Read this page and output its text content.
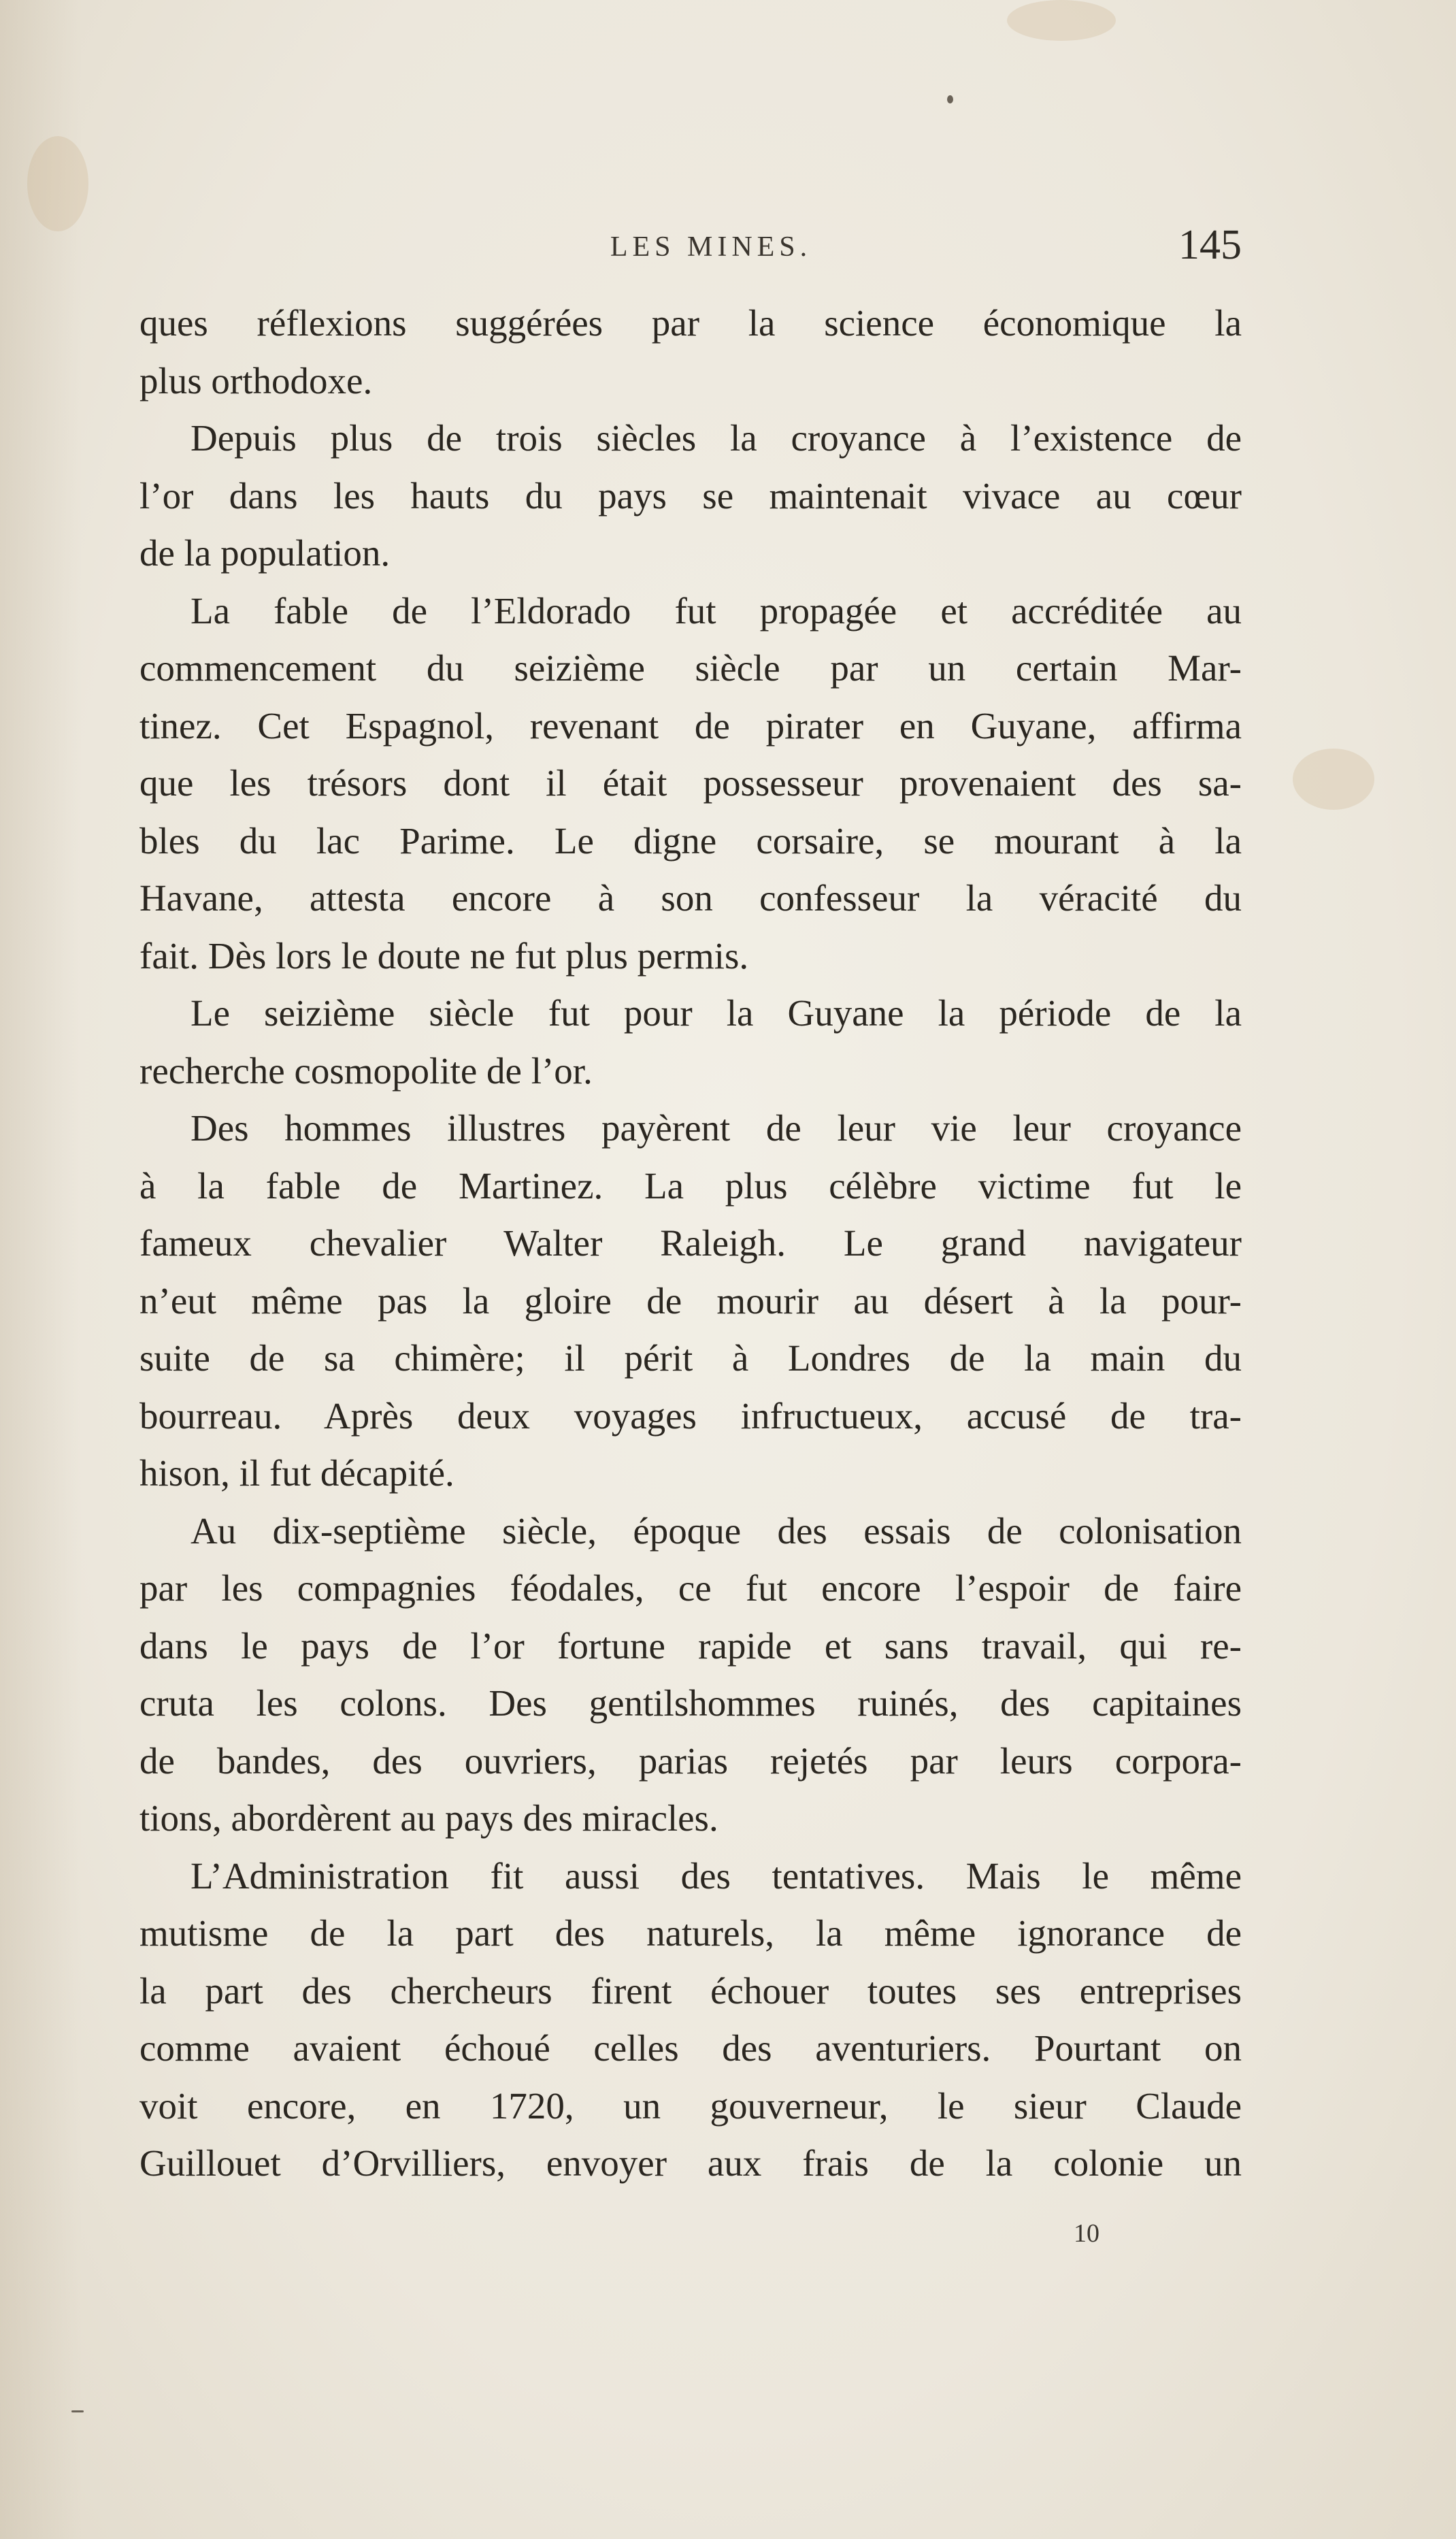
LES MINES.	145
ques réflexions suggérées par la science économique la
plus orthodoxe.
Depuis plus de trois siècles la croyance à l’existence de
l’or dans les hauts du pays se maintenait vivace au cœur
de la population.
La fable de l’Eldorado fut propagée et accréditée au
commencement du seizième siècle par un certain Mar-
tinez. Cet Espagnol, revenant de pirater en Guyane, affirma
que les trésors dont il était possesseur provenaient des sa-
bles du lac Parime. Le digne corsaire, se mourant à la
Havane, attesta encore à son confesseur la véracité du
fait. Dès lors le doute ne fut plus permis.
Le seizième siècle fut pour la Guyane la période de la
recherche cosmopolite de l’or.
Des hommes illustres payèrent de leur vie leur croyance
à la fable de Martinez. La plus célèbre victime fut le
fameux chevalier Walter Raleigh. Le grand navigateur
n’eut même pas la gloire de mourir au désert à la pour-
suite de sa chimère; il périt à Londres de la main du
bourreau. Après deux voyages infructueux, accusé de tra-
hison, il fut décapité.
Au dix-septième siècle, époque des essais de colonisation
par les compagnies féodales, ce fut encore l’espoir de faire
dans le pays de l’or fortune rapide et sans travail, qui re-
cruta les colons. Des gentilshommes ruinés, des capitaines
de bandes, des ouvriers, parias rejetés par leurs corpora-
tions, abordèrent au pays des miracles.
L’Administration fit aussi des tentatives. Mais le même
mutisme de la part des naturels, la même ignorance de
la part des chercheurs firent échouer toutes ses entreprises
comme avaient échoué celles des aventuriers. Pourtant on
voit encore, en 1720, un gouverneur, le sieur Claude
Guillouet d’Orvilliers, envoyer aux frais de la colonie un
10
